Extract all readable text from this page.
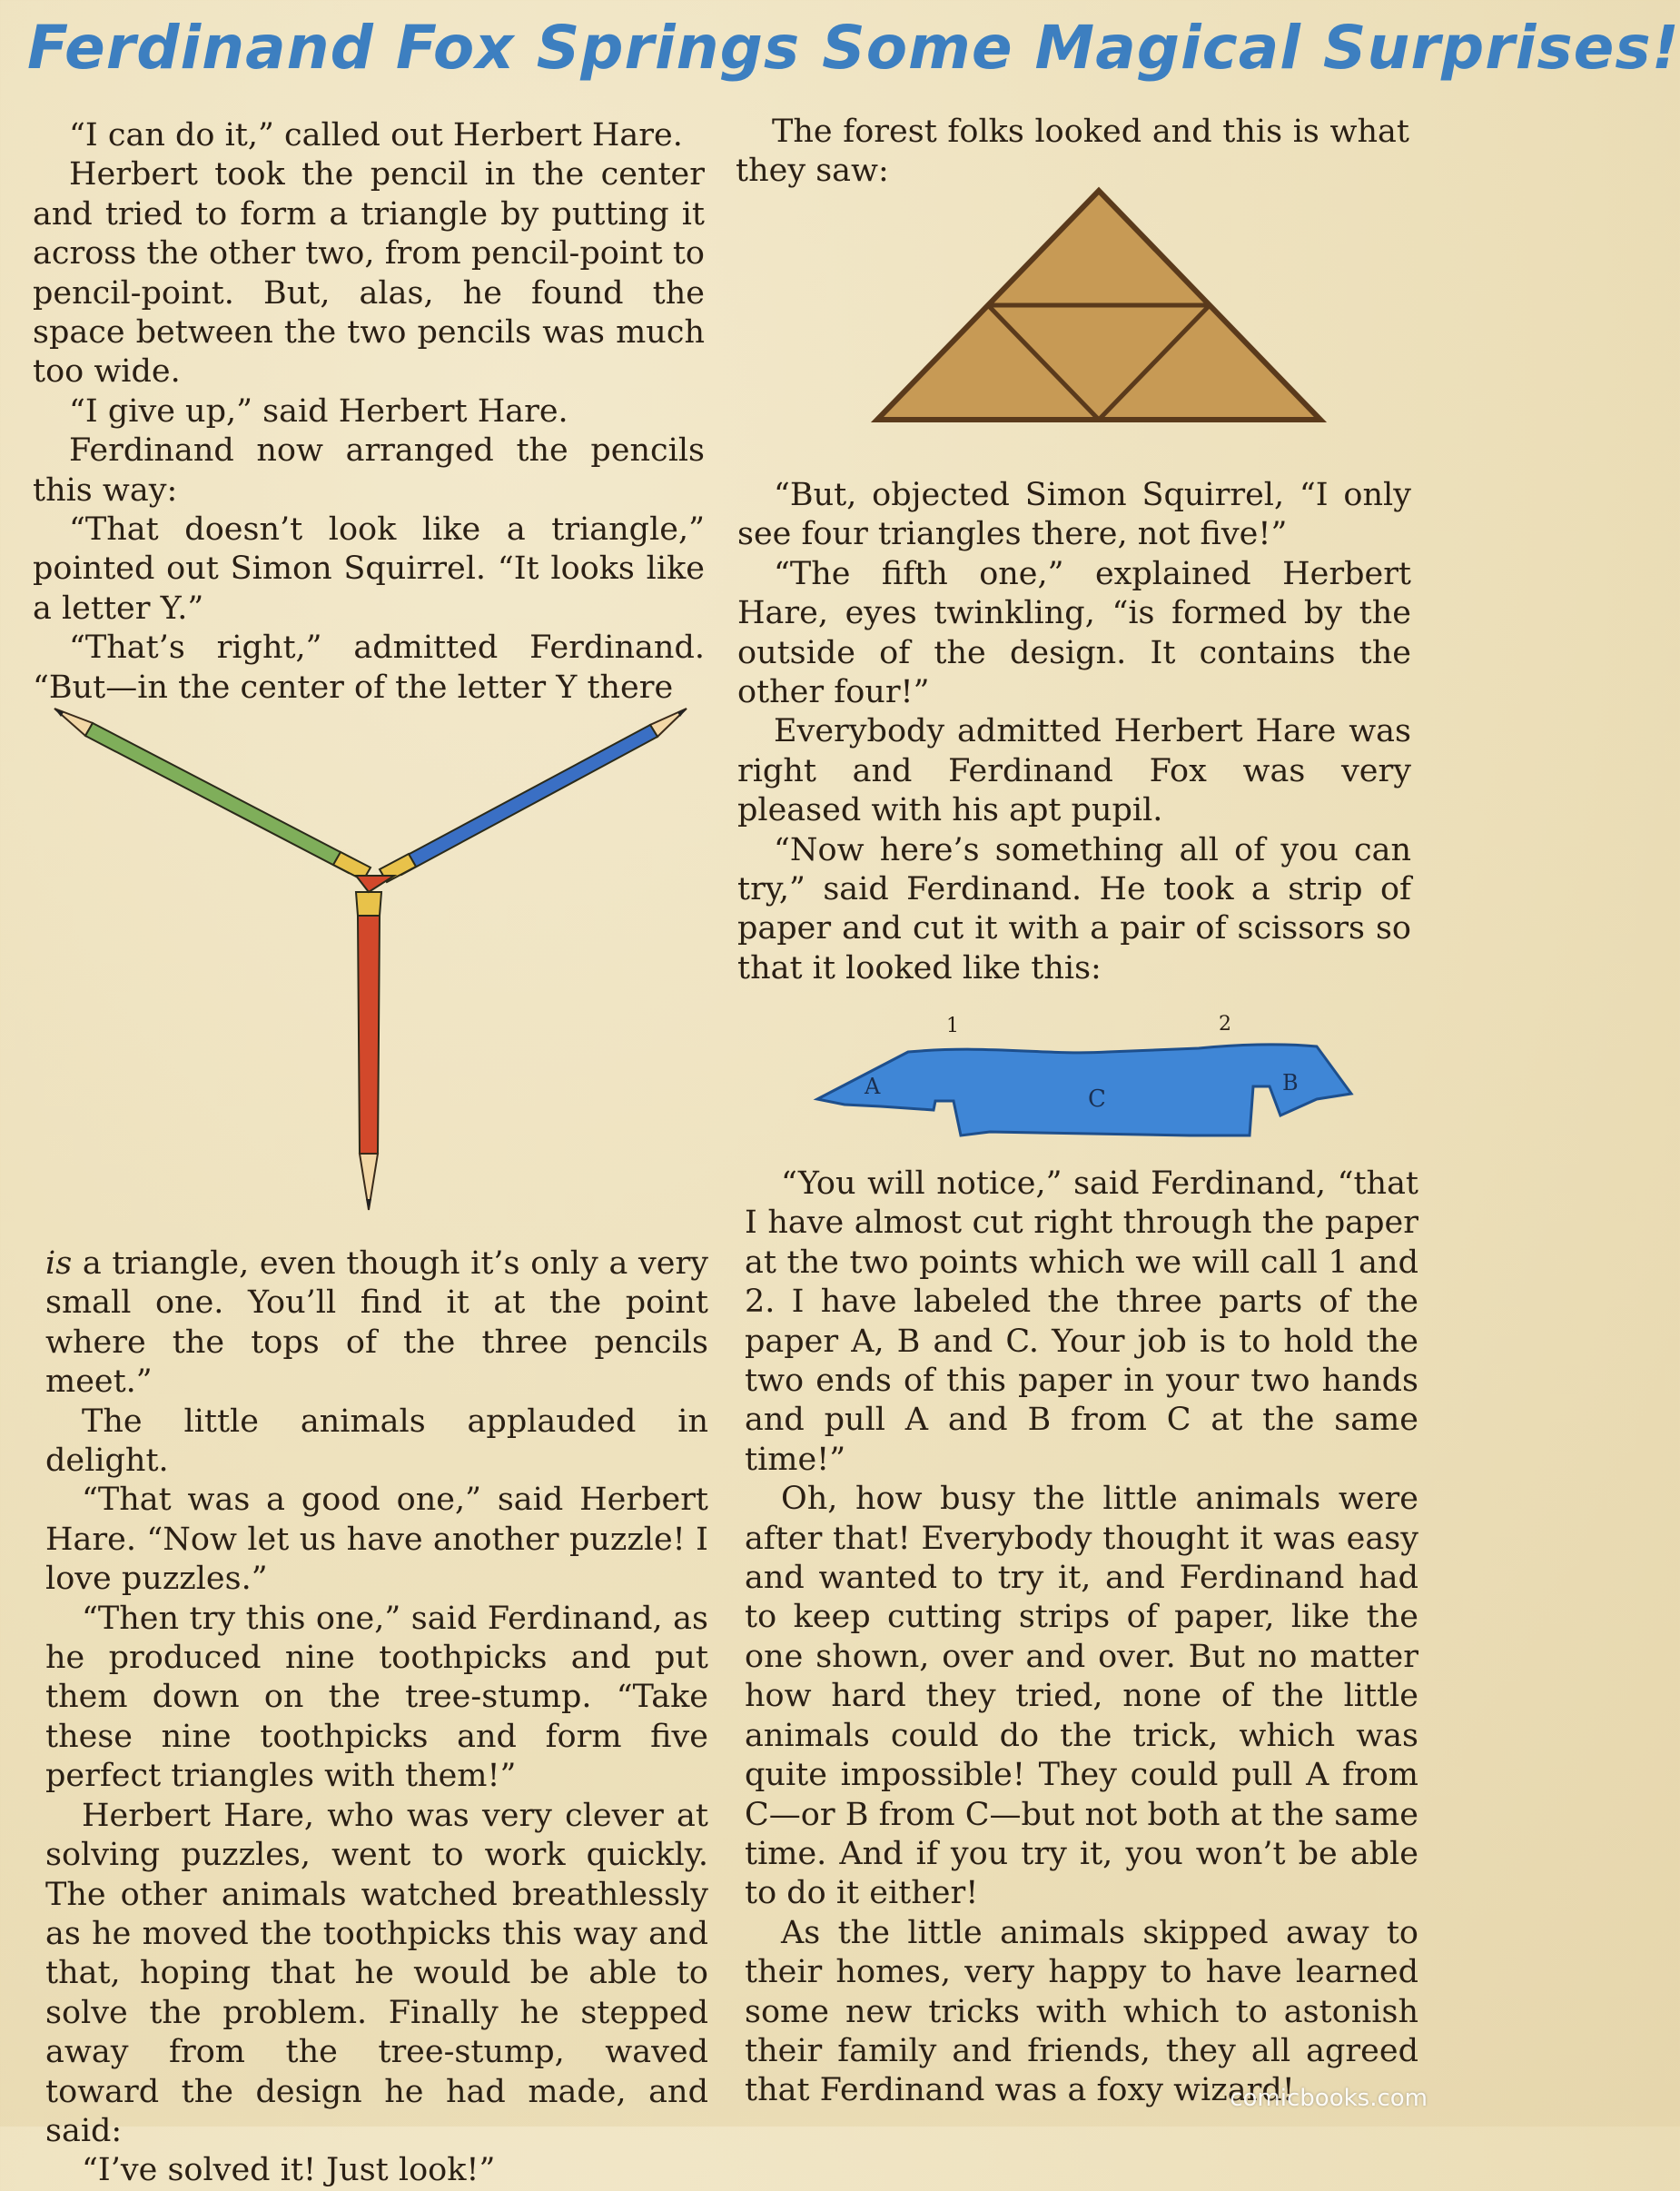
Ferdinand Fox Springs Some Magical Surprises!

“I can do it,” called out Herbert Hare.

Herbert took the pencil in the center and tried to form a triangle by putting it across the other two, from pencil-point to pencil-point. But, alas, he found the space between the two pencils was much too wide.

“I give up,” said Herbert Hare.

Ferdinand now arranged the pencils this way:

“That doesn’t look like a triangle,” pointed out Simon Squirrel. “It looks like a letter Y.”

“That’s right,” admitted Ferdinand. “But—in the center of the letter Y there

is a triangle, even though it’s only a very small one. You’ll find it at the point where the tops of the three pencils meet.”

The little animals applauded in delight.

“That was a good one,” said Herbert Hare. “Now let us have another puzzle! I love puzzles.”

“Then try this one,” said Ferdinand, as he produced nine toothpicks and put them down on the tree-stump. “Take these nine toothpicks and form five perfect triangles with them!”

Herbert Hare, who was very clever at solving puzzles, went to work quickly. The other animals watched breathlessly as he moved the toothpicks this way and that, hoping that he would be able to solve the problem. Finally he stepped away from the tree-stump, waved toward the design he had made, and said:

“I’ve solved it! Just look!”

The forest folks looked and this is what they saw:

“But, objected Simon Squirrel, “I only see four triangles there, not five!”

“The fifth one,” explained Herbert Hare, eyes twinkling, “is formed by the outside of the design. It contains the other four!”

Everybody admitted Herbert Hare was right and Ferdinand Fox was very pleased with his apt pupil.

“Now here’s something all of you can try,” said Ferdinand. He took a strip of paper and cut it with a pair of scissors so that it looked like this:

1	2
A	C
B

“You will notice,” said Ferdinand, “that I have almost cut right through the paper at the two points which we will call 1 and 2. I have labeled the three parts of the paper A, B and C. Your job is to hold the two ends of this paper in your two hands and pull A and B from C at the same time!”

Oh, how busy the little animals were after that! Everybody thought it was easy and wanted to try it, and Ferdinand had to keep cutting strips of paper, like the one shown, over and over. But no matter how hard they tried, none of the little animals could do the trick, which was quite impossible! They could pull A from C—or B from C—but not both at the same time. And if you try it, you won’t be able to do it either!

As the little animals skipped away to their homes, very happy to have learned some new tricks with which to astonish their family and friends, they all agreed that Ferdinand was a foxy wizard!

comicbooks.com
